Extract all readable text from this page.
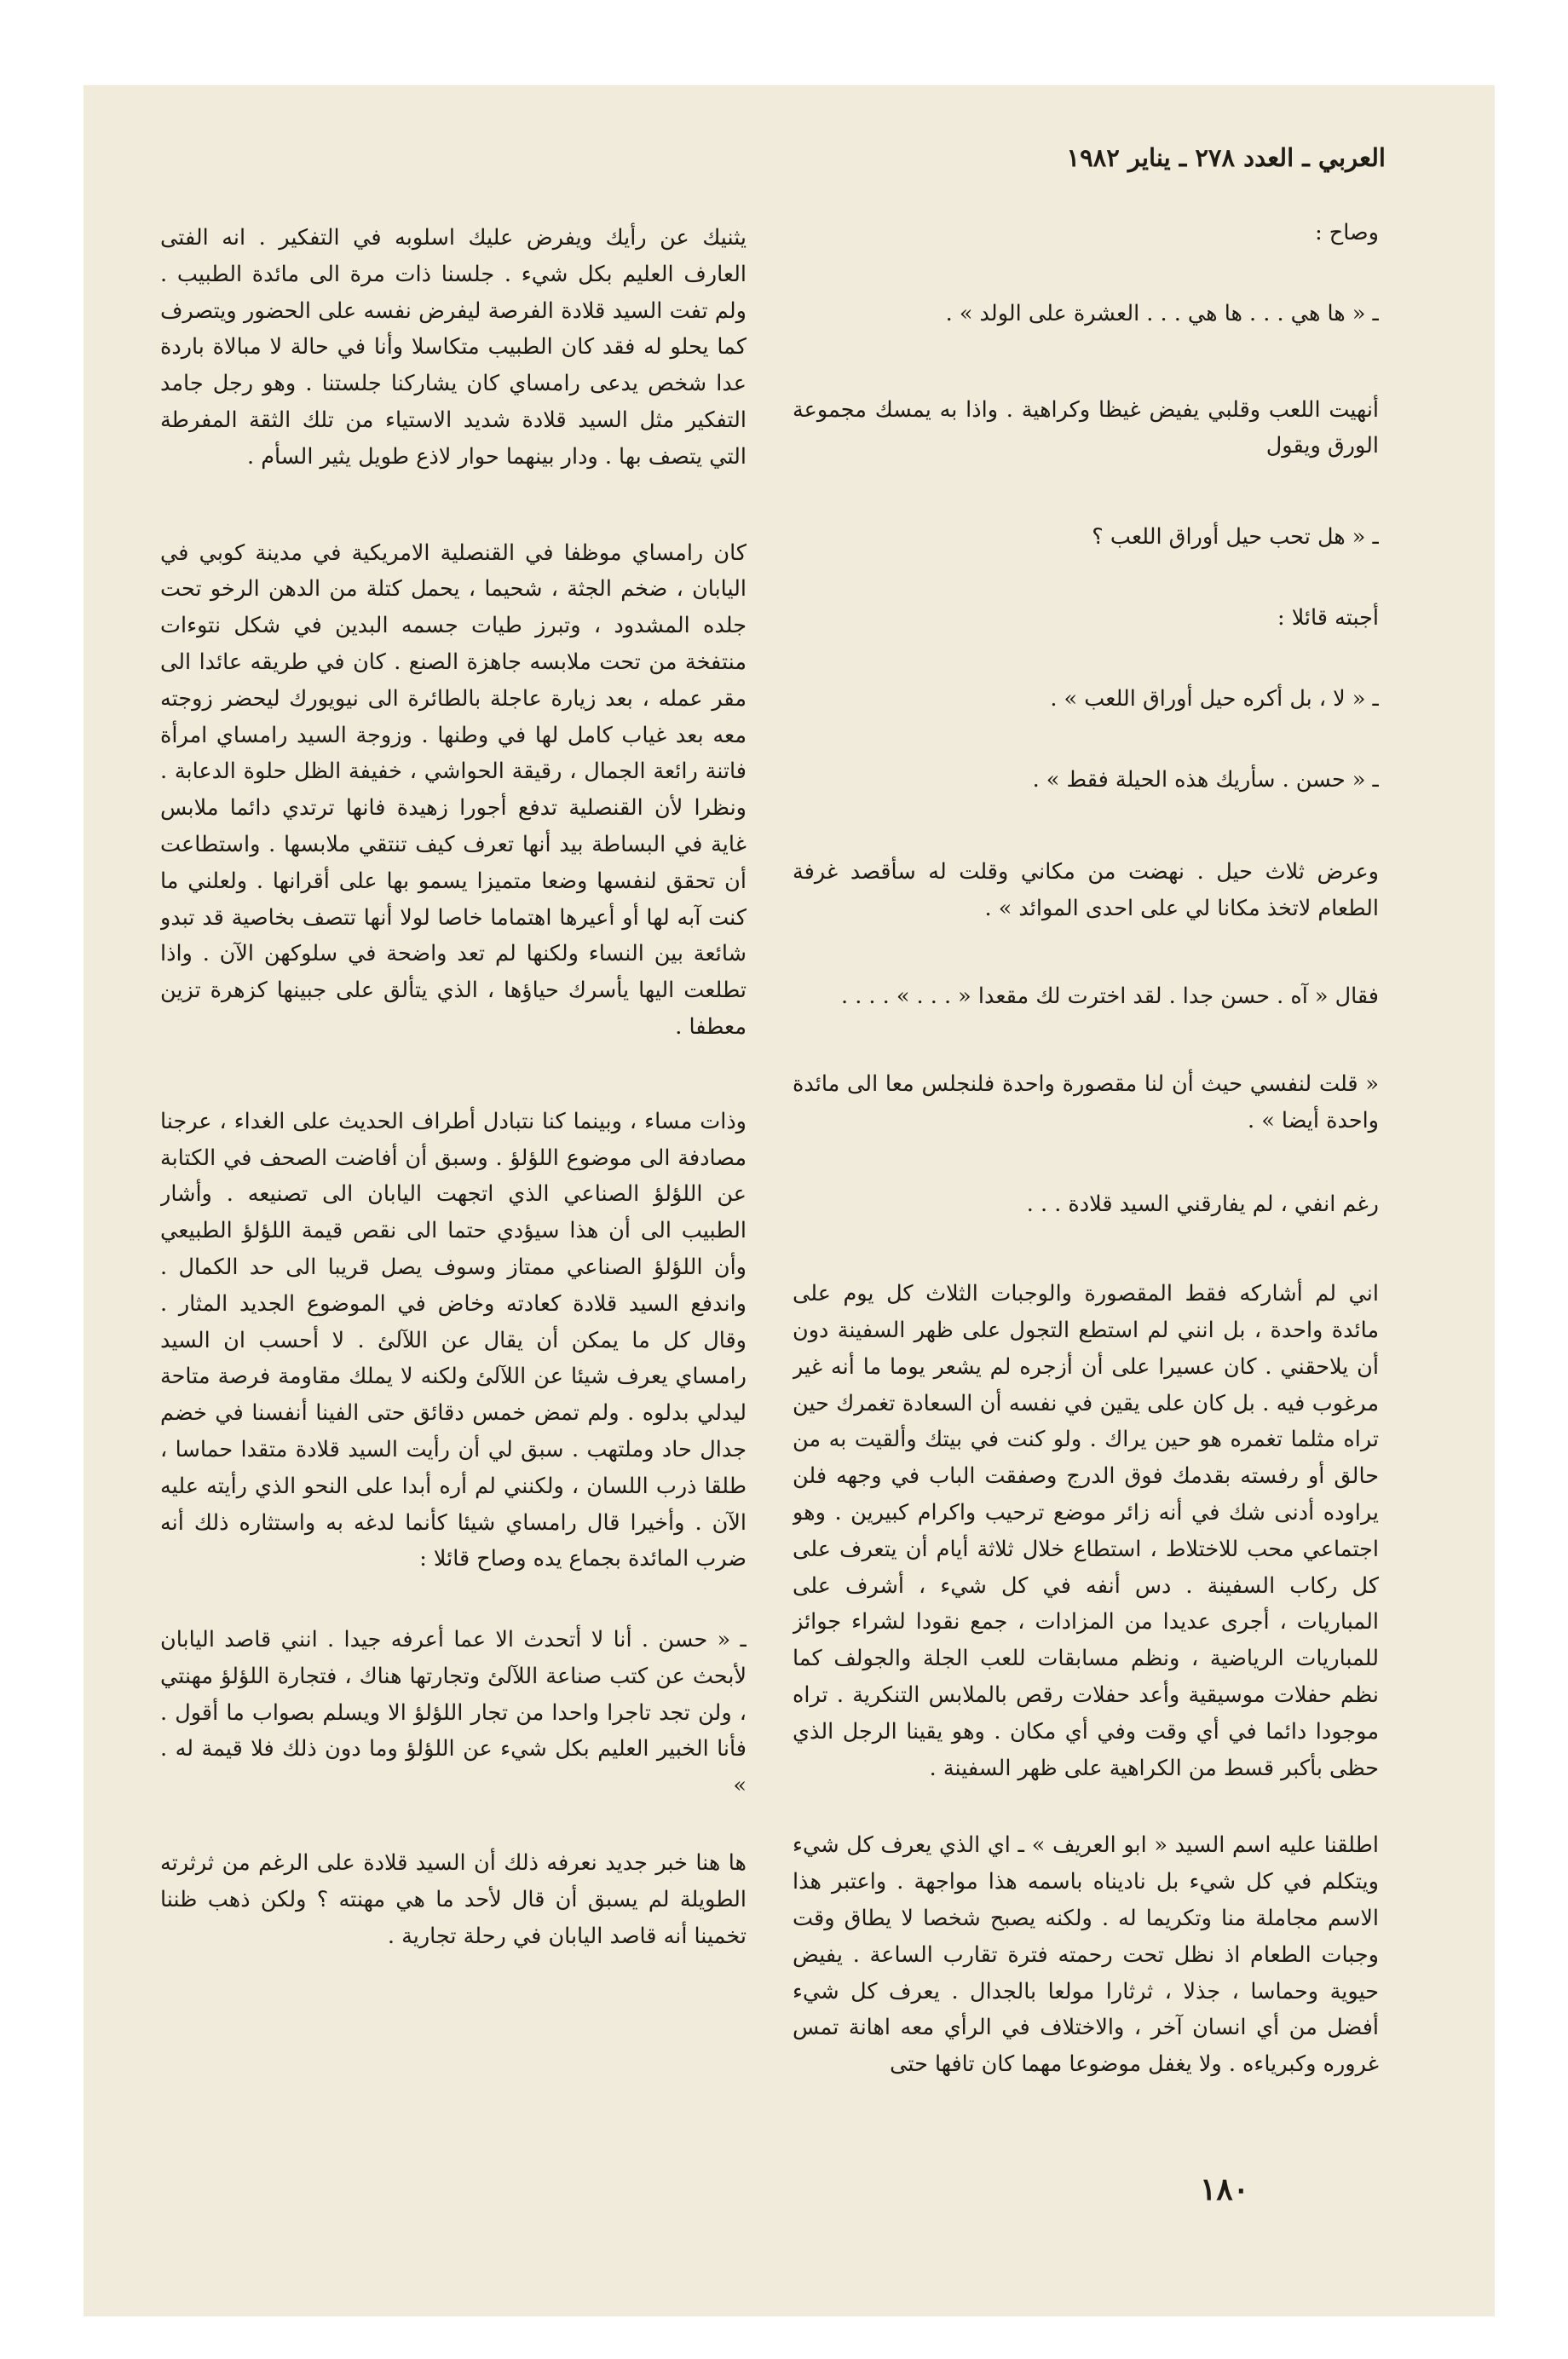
العربي ـ العدد ٢٧٨ ـ يناير ١٩٨٢

وصاح :

ـ « ها هي . . . ها هي . . . العشرة على الولد » .

أنهيت اللعب وقلبي يفيض غيظا وكراهية . واذا به يمسك مجموعة الورق ويقول

ـ « هل تحب حيل أوراق اللعب ؟

أجبته قائلا :

ـ « لا ، بل أكره حيل أوراق اللعب » .

ـ « حسن . سأريك هذه الحيلة فقط » .

وعرض ثلاث حيل . نهضت من مكاني وقلت له سأقصد غرفة الطعام لاتخذ مكانا لي على احدى الموائد » .

فقال « آه . حسن جدا . لقد اخترت لك مقعدا « . . . » . . . .

« قلت لنفسي حيث أن لنا مقصورة واحدة فلنجلس معا الى مائدة واحدة أيضا » .

رغم انفي ، لم يفارقني السيد قلادة . . .

اني لم أشاركه فقط المقصورة والوجبات الثلاث كل يوم على مائدة واحدة ، بل انني لم استطع التجول على ظهر السفينة دون أن يلاحقني . كان عسيرا على أن أزجره لم يشعر يوما ما أنه غير مرغوب فيه . بل كان على يقين في نفسه أن السعادة تغمرك حين تراه مثلما تغمره هو حين يراك . ولو كنت في بيتك وألقيت به من حالق أو رفسته بقدمك فوق الدرج وصفقت الباب في وجهه فلن يراوده أدنى شك في أنه زائر موضع ترحيب واكرام كبيرين . وهو اجتماعي محب للاختلاط ، استطاع خلال ثلاثة أيام أن يتعرف على كل ركاب السفينة . دس أنفه في كل شيء ، أشرف على المباريات ، أجرى عديدا من المزادات ، جمع نقودا لشراء جوائز للمباريات الرياضية ، ونظم مسابقات للعب الجلة والجولف كما نظم حفلات موسيقية وأعد حفلات رقص بالملابس التنكرية . تراه موجودا دائما في أي وقت وفي أي مكان . وهو يقينا الرجل الذي حظى بأكبر قسط من الكراهية على ظهر السفينة .

اطلقنا عليه اسم السيد « ابو العريف » ـ اي الذي يعرف كل شيء ويتكلم في كل شيء بل ناديناه باسمه هذا مواجهة . واعتبر هذا الاسم مجاملة منا وتكريما له . ولكنه يصبح شخصا لا يطاق وقت وجبات الطعام اذ نظل تحت رحمته فترة تقارب الساعة . يفيض حيوية وحماسا ، جذلا ، ثرثارا مولعا بالجدال . يعرف كل شيء أفضل من أي انسان آخر ، والاختلاف في الرأي معه اهانة تمس غروره وكبرياءه . ولا يغفل موضوعا مهما كان تافها حتى

يثنيك عن رأيك ويفرض عليك اسلوبه في التفكير . انه الفتى العارف العليم بكل شيء . جلسنا ذات مرة الى مائدة الطبيب . ولم تفت السيد قلادة الفرصة ليفرض نفسه على الحضور ويتصرف كما يحلو له فقد كان الطبيب متكاسلا وأنا في حالة لا مبالاة باردة عدا شخص يدعى رامساي كان يشاركنا جلستنا . وهو رجل جامد التفكير مثل السيد قلادة شديد الاستياء من تلك الثقة المفرطة التي يتصف بها . ودار بينهما حوار لاذع طويل يثير السأم .

كان رامساي موظفا في القنصلية الامريكية في مدينة كوبي في اليابان ، ضخم الجثة ، شحيما ، يحمل كتلة من الدهن الرخو تحت جلده المشدود ، وتبرز طيات جسمه البدين في شكل نتوءات منتفخة من تحت ملابسه جاهزة الصنع . كان في طريقه عائدا الى مقر عمله ، بعد زيارة عاجلة بالطائرة الى نيويورك ليحضر زوجته معه بعد غياب كامل لها في وطنها . وزوجة السيد رامساي امرأة فاتنة رائعة الجمال ، رقيقة الحواشي ، خفيفة الظل حلوة الدعابة . ونظرا لأن القنصلية تدفع أجورا زهيدة فانها ترتدي دائما ملابس غاية في البساطة بيد أنها تعرف كيف تنتقي ملابسها . واستطاعت أن تحقق لنفسها وضعا متميزا يسمو بها على أقرانها . ولعلني ما كنت آبه لها أو أعيرها اهتماما خاصا لولا أنها تتصف بخاصية قد تبدو شائعة بين النساء ولكنها لم تعد واضحة في سلوكهن الآن . واذا تطلعت اليها يأسرك حياؤها ، الذي يتألق على جبينها كزهرة تزين معطفا .

وذات مساء ، وبينما كنا نتبادل أطراف الحديث على الغداء ، عرجنا مصادفة الى موضوع اللؤلؤ . وسبق أن أفاضت الصحف في الكتابة عن اللؤلؤ الصناعي الذي اتجهت اليابان الى تصنيعه . وأشار الطبيب الى أن هذا سيؤدي حتما الى نقص قيمة اللؤلؤ الطبيعي وأن اللؤلؤ الصناعي ممتاز وسوف يصل قريبا الى حد الكمال . واندفع السيد قلادة كعادته وخاض في الموضوع الجديد المثار . وقال كل ما يمكن أن يقال عن اللآلئ . لا أحسب ان السيد رامساي يعرف شيئا عن اللآلئ ولكنه لا يملك مقاومة فرصة متاحة ليدلي بدلوه . ولم تمض خمس دقائق حتى الفينا أنفسنا في خضم جدال حاد وملتهب . سبق لي أن رأيت السيد قلادة متقدا حماسا ، طلقا ذرب اللسان ، ولكنني لم أره أبدا على النحو الذي رأيته عليه الآن . وأخيرا قال رامساي شيئا كأنما لدغه به واستثاره ذلك أنه ضرب المائدة بجماع يده وصاح قائلا :

ـ « حسن . أنا لا أتحدث الا عما أعرفه جيدا . انني قاصد اليابان لأبحث عن كتب صناعة اللآلئ وتجارتها هناك ، فتجارة اللؤلؤ مهنتي ، ولن تجد تاجرا واحدا من تجار اللؤلؤ الا ويسلم بصواب ما أقول . فأنا الخبير العليم بكل شيء عن اللؤلؤ وما دون ذلك فلا قيمة له . »

ها هنا خبر جديد نعرفه ذلك أن السيد قلادة على الرغم من ثرثرته الطويلة لم يسبق أن قال لأحد ما هي مهنته ؟ ولكن ذهب ظننا تخمينا أنه قاصد اليابان في رحلة تجارية .

١٨٠
